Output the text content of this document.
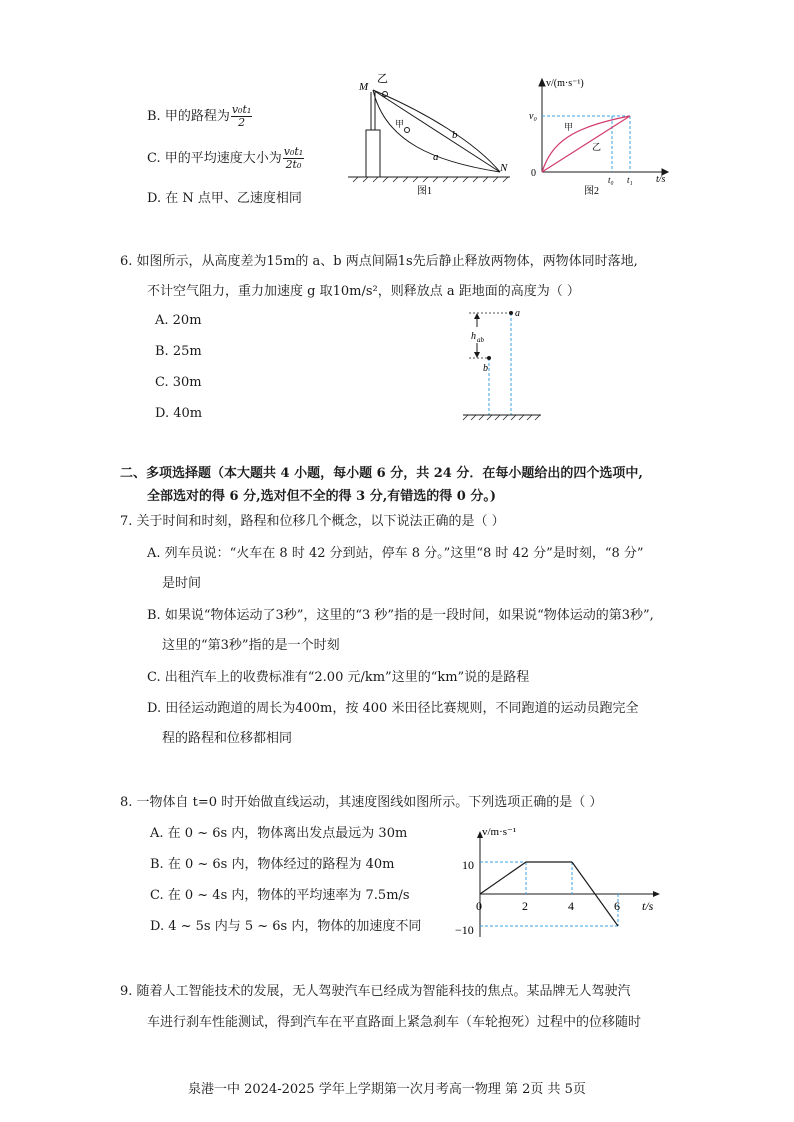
B. 甲的路程为 $\frac{\text{v₀t₁}}{2}$
C. 甲的平均速度大小为 $\frac{\text{v₀t₁}}{\text{2t₀}}$
D. 在 N 点甲、乙速度相同
M
乙
甲
b
a
N
图1
v/(m·s⁻¹)
v₀
0
t₀ t₁ t/s
甲
乙
图2
6. 如图所示，从高度差为15m的 a、b 两点间隔1s先后静止释放两物体，两物体同时落地,
不计空气阻力，重力加速度 g 取10m/s²，则释放点 a 距地面的高度为（ ）
A. 20m
B. 25m
C. 30m
D. 40m
a
b
h ab
二、多项选择题（本大题共 4 小题，每小题 6 分，共 24 分．在每小题给出的四个选项中,
全部选对的得 6 分,选对但不全的得 3 分,有错选的得 0 分。)
7. 关于时间和时刻，路程和位移几个概念，以下说法正确的是（ ）
A. 列车员说：“火车在 8 时 42 分到站，停车 8 分。”这里“8 时 42 分”是时刻，“8 分”
是时间
B. 如果说“物体运动了3秒”，这里的“3 秒”指的是一段时间，如果说“物体运动的第3秒”,
这里的“第3秒”指的是一个时刻
C. 出租汽车上的收费标准有“2.00 元/km”这里的“km”说的是路程
D. 田径运动跑道的周长为400m，按 400 米田径比赛规则，不同跑道的运动员跑完全
程的路程和位移都相同
8. 一物体自 t=0 时开始做直线运动，其速度图线如图所示。下列选项正确的是（ ）
A. 在 0 ~ 6s 内，物体离出发点最远为 30m
B. 在 0 ~ 6s 内，物体经过的路程为 40m
C. 在 0 ~ 4s 内，物体的平均速率为 7.5m/s
D. 4 ~ 5s 内与 5 ~ 6s 内，物体的加速度不同
v/m·s⁻¹
t/s
10
−10
0	2	4	6
9. 随着人工智能技术的发展，无人驾驶汽车已经成为智能科技的焦点。某品牌无人驾驶汽
车进行刹车性能测试，得到汽车在平直路面上紧急刹车（车轮抱死）过程中的位移随时
泉港一中 2024-2025 学年上学期第一次月考高一物理 第 2页 共 5页
